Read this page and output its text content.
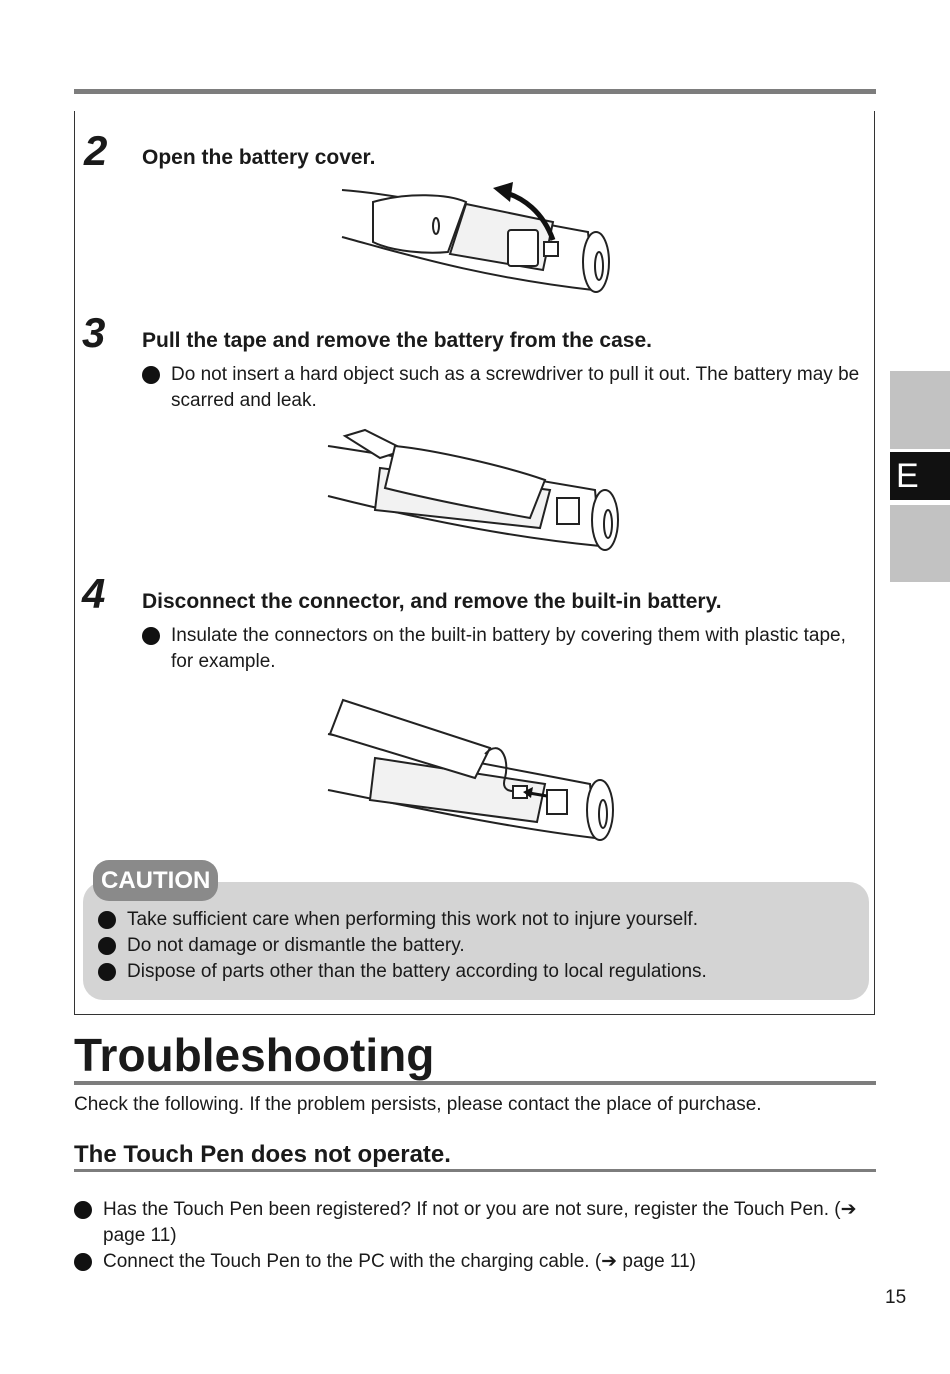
E
2 Open the battery cover.
3 Pull the tape and remove the battery from the case.
Do not insert a hard object such as a screwdriver to pull it out. The battery may be scarred and leak.
4 Disconnect the connector, and remove the built-in battery.
Insulate the connectors on the built-in battery by covering them with plastic tape, for example.
CAUTION
Take sufficient care when performing this work not to injure yourself.
Do not damage or dismantle the battery.
Dispose of parts other than the battery according to local regulations.
Troubleshooting
Check the following. If the problem persists, please contact the place of purchase.
The Touch Pen does not operate.
Has the Touch Pen been registered? If not or you are not sure, register the Touch Pen. (➔ page 11)
Connect the Touch Pen to the PC with the charging cable. (➔ page 11)
15
